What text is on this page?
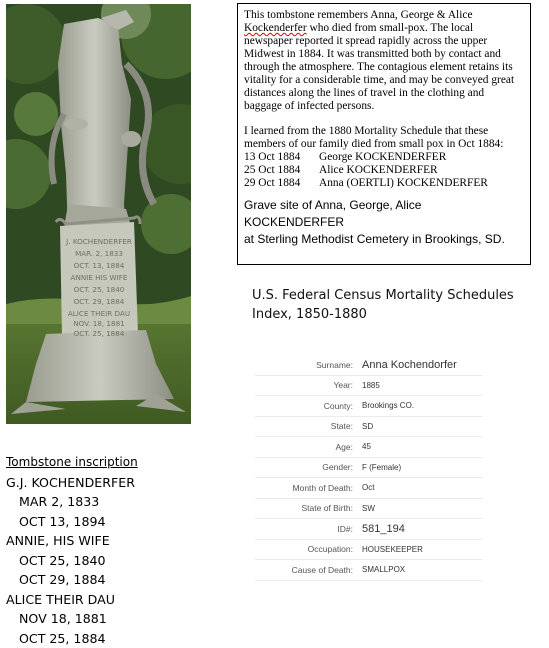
J. KOCHENDERFER
MAR. 2, 1833
OCT. 13, 1884
ANNIE HIS WIFE
OCT. 25, 1840
OCT. 29, 1884
ALICE THEIR DAU
NOV. 18, 1881
OCT. 25, 1884

This tombstone remembers Anna, George & Alice Kockenderfer who died from small-pox. The local newspaper reported it spread rapidly across the upper Midwest in 1884. It was transmitted both by contact and through the atmosphere. The contagious element retains its vitality for a considerable time, and may be conveyed great distances along the lines of travel in the clothing and baggage of infected persons.

I learned from the 1880 Mortality Schedule that these members of our family died from small pox in Oct 1884:

13 Oct 1884	George KOCKENDERFER
25 Oct 1884	Alice KOCKENDERFER
29 Oct 1884	Anna (OERTLI) KOCKENDERFER
Grave site of Anna, George, Alice KOCKENDERFER
at Sterling Methodist Cemetery in Brookings, SD.
U.S. Federal Census Mortality Schedules
Index, 1850-1880
Surname: Anna Kochendorfer
Year:	1885
County:	Brookings CO.
State:	SD
Age:	45
Gender:	F (Female)
Month of Death:	Oct
State of Birth:	SW
ID#: 581_194
Occupation:	HOUSEKEEPER
Cause of Death:	SMALLPOX
Tombstone inscription
G.J. KOCHENDERFER
MAR 2, 1833
OCT 13, 1894
ANNIE, HIS WIFE
OCT 25, 1840
OCT 29, 1884
ALICE THEIR DAU
NOV 18, 1881
OCT 25, 1884
